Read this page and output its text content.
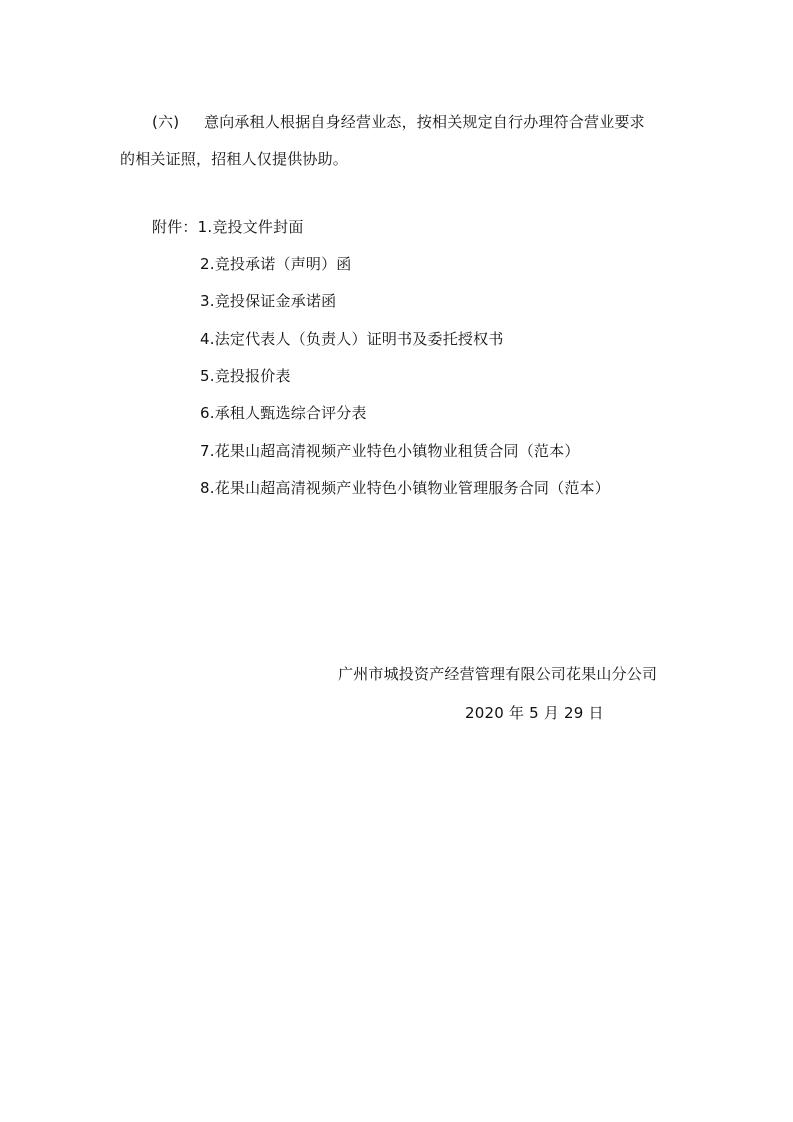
(六) 意向承租人根据自身经营业态，按相关规定自行办理符合营业要求
的相关证照，招租人仅提供协助。
附件：1.竞投文件封面
2.竞投承诺（声明）函
3.竞投保证金承诺函
4.法定代表人（负责人）证明书及委托授权书
5.竞投报价表
6.承租人甄选综合评分表
7.花果山超高清视频产业特色小镇物业租赁合同（范本）
8.花果山超高清视频产业特色小镇物业管理服务合同（范本）
广州市城投资产经营管理有限公司花果山分公司
2020 年 5 月 29 日
